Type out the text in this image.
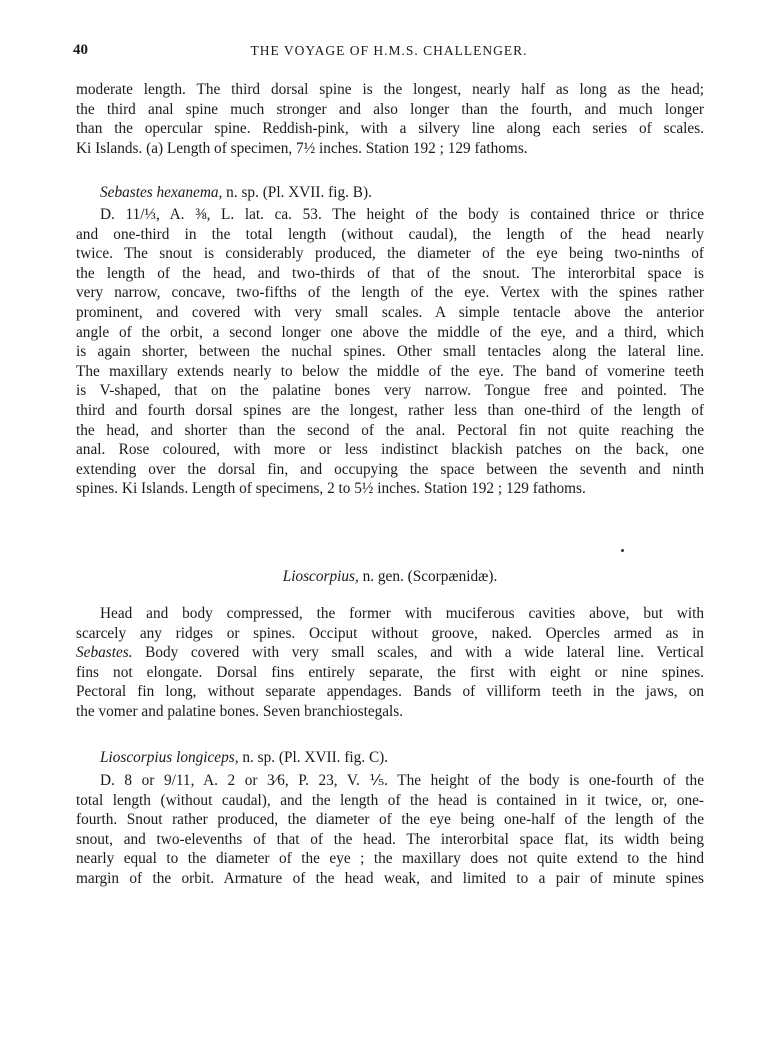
40	THE VOYAGE OF H.M.S. CHALLENGER.
moderate length. The third dorsal spine is the longest, nearly half as long as the head;
the third anal spine much stronger and also longer than the fourth, and much longer
than the opercular spine. Reddish-pink, with a silvery line along each series of scales.
Ki Islands. (a) Length of specimen, 7½ inches. Station 192 ; 129 fathoms.
Sebastes hexanema, n. sp. (Pl. XVII. fig. B).
D. 11/⅓, A. ⅜, L. lat. ca. 53. The height of the body is contained thrice or thrice
and one-third in the total length (without caudal), the length of the head nearly
twice. The snout is considerably produced, the diameter of the eye being two-ninths of
the length of the head, and two-thirds of that of the snout. The interorbital space is
very narrow, concave, two-fifths of the length of the eye. Vertex with the spines rather
prominent, and covered with very small scales. A simple tentacle above the anterior
angle of the orbit, a second longer one above the middle of the eye, and a third, which
is again shorter, between the nuchal spines. Other small tentacles along the lateral line.
The maxillary extends nearly to below the middle of the eye. The band of vomerine teeth
is V-shaped, that on the palatine bones very narrow. Tongue free and pointed. The
third and fourth dorsal spines are the longest, rather less than one-third of the length of
the head, and shorter than the second of the anal. Pectoral fin not quite reaching the
anal. Rose coloured, with more or less indistinct blackish patches on the back, one
extending over the dorsal fin, and occupying the space between the seventh and ninth
spines. Ki Islands. Length of specimens, 2 to 5½ inches. Station 192 ; 129 fathoms.
Lioscorpius, n. gen. (Scorpænidæ).
Head and body compressed, the former with muciferous cavities above, but with
scarcely any ridges or spines. Occiput without groove, naked. Opercles armed as in
Sebastes. Body covered with very small scales, and with a wide lateral line. Vertical
fins not elongate. Dorsal fins entirely separate, the first with eight or nine spines.
Pectoral fin long, without separate appendages. Bands of villiform teeth in the jaws, on
the vomer and palatine bones. Seven branchiostegals.
Lioscorpius longiceps, n. sp. (Pl. XVII. fig. C).
D. 8 or 9/11, A. 2 or 3⁄6, P. 23, V. ⅕. The height of the body is one-fourth of the
total length (without caudal), and the length of the head is contained in it twice, or, one-
fourth. Snout rather produced, the diameter of the eye being one-half of the length of the
snout, and two-elevenths of that of the head. The interorbital space flat, its width being
nearly equal to the diameter of the eye ; the maxillary does not quite extend to the hind
margin of the orbit. Armature of the head weak, and limited to a pair of minute spines
